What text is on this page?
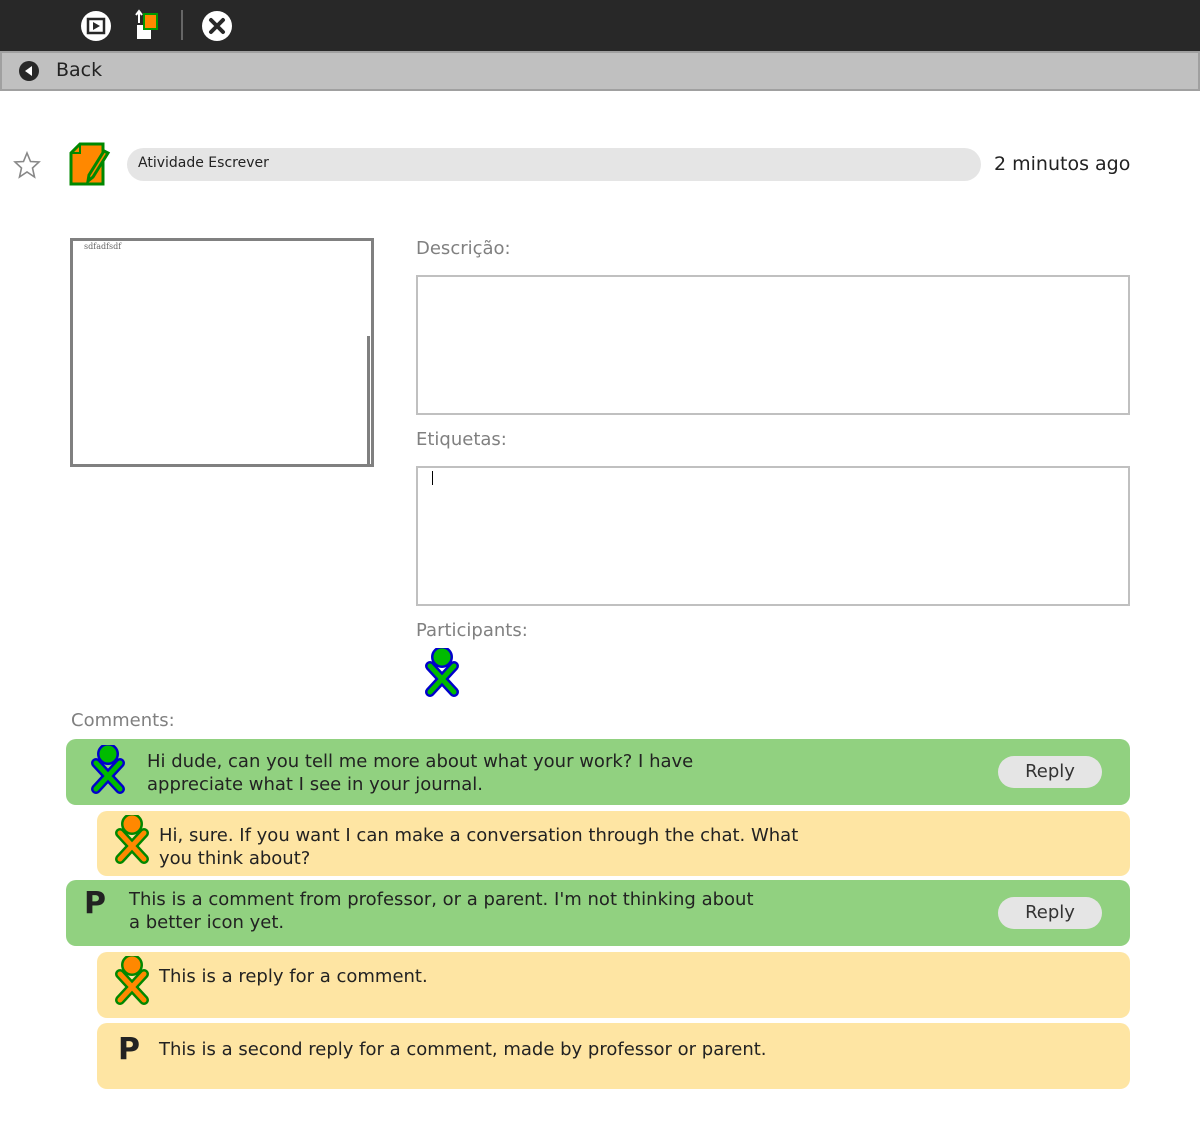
Back
Atividade Escrever	2 minutos ago
sdfadfsdf	Descrição:
Etiquetas:
Participants:
Comments:
Hi dude, can you tell me more about what your work? I have appreciate what I see in your journal.
Reply
Hi, sure. If you want I can make a conversation through the chat. What you think about?
P This is a comment from professor, or a parent. I'm not thinking about a better icon yet.	Reply
This is a reply for a comment.
P This is a second reply for a comment, made by professor or parent.
